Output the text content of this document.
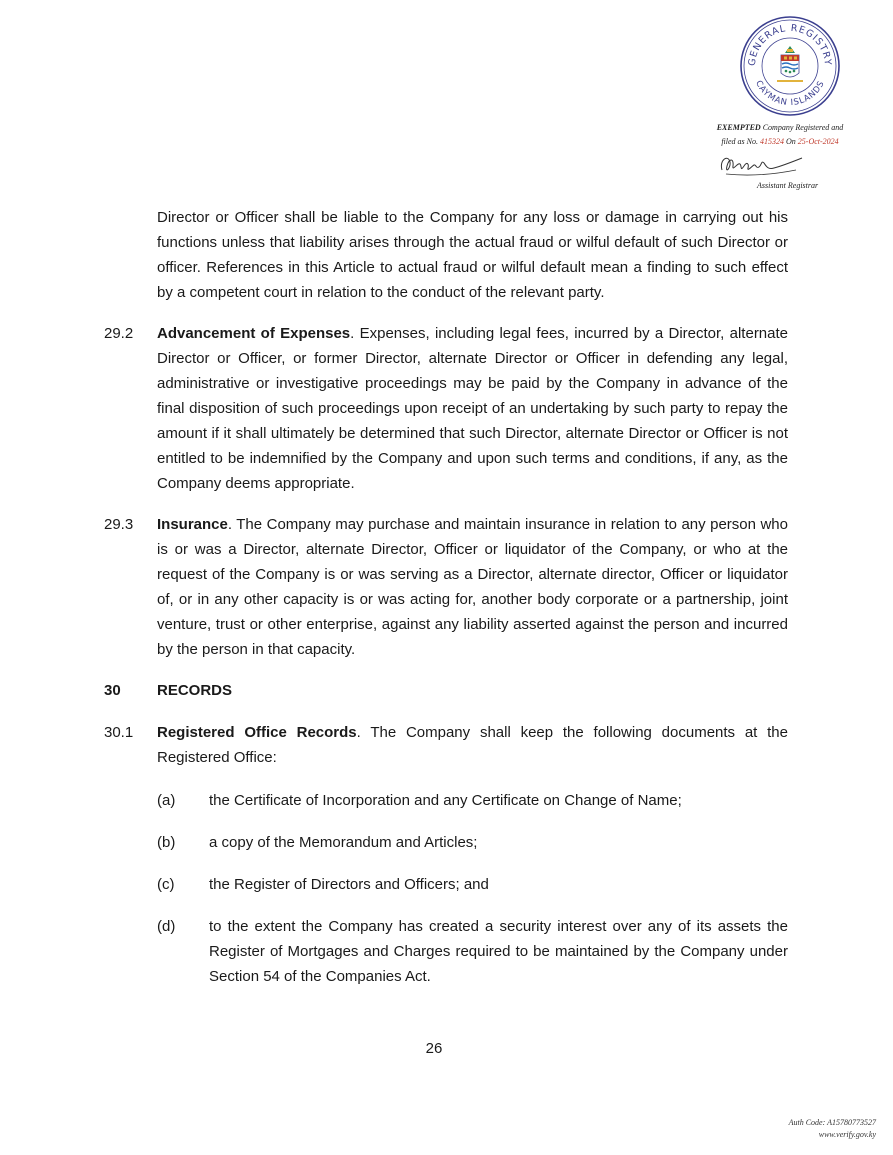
GENERAL REGISTRY
CAYMAN ISLANDS
EXEMPTED Company Registered and
filed as No. 415324 On 25-Oct-2024
Assistant Registrar
Director or Officer shall be liable to the Company for any loss or damage in carrying out his functions unless that liability arises through the actual fraud or wilful default of such Director or officer. References in this Article to actual fraud or wilful default mean a finding to such effect by a competent court in relation to the conduct of the relevant party.
29.2 Advancement of Expenses. Expenses, including legal fees, incurred by a Director, alternate Director or Officer, or former Director, alternate Director or Officer in defending any legal, administrative or investigative proceedings may be paid by the Company in advance of the final disposition of such proceedings upon receipt of an undertaking by such party to repay the amount if it shall ultimately be determined that such Director, alternate Director or Officer is not entitled to be indemnified by the Company and upon such terms and conditions, if any, as the Company deems appropriate.
29.3 Insurance. The Company may purchase and maintain insurance in relation to any person who is or was a Director, alternate Director, Officer or liquidator of the Company, or who at the request of the Company is or was serving as a Director, alternate director, Officer or liquidator of, or in any other capacity is or was acting for, another body corporate or a partnership, joint venture, trust or other enterprise, against any liability asserted against the person and incurred by the person in that capacity.
30 RECORDS
30.1 Registered Office Records. The Company shall keep the following documents at the Registered Office:
(a) the Certificate of Incorporation and any Certificate on Change of Name;
(b) a copy of the Memorandum and Articles;
(c) the Register of Directors and Officers; and
(d) to the extent the Company has created a security interest over any of its assets the Register of Mortgages and Charges required to be maintained by the Company under Section 54 of the Companies Act.
26
Auth Code: A15780773527
www.verify.gov.ky
